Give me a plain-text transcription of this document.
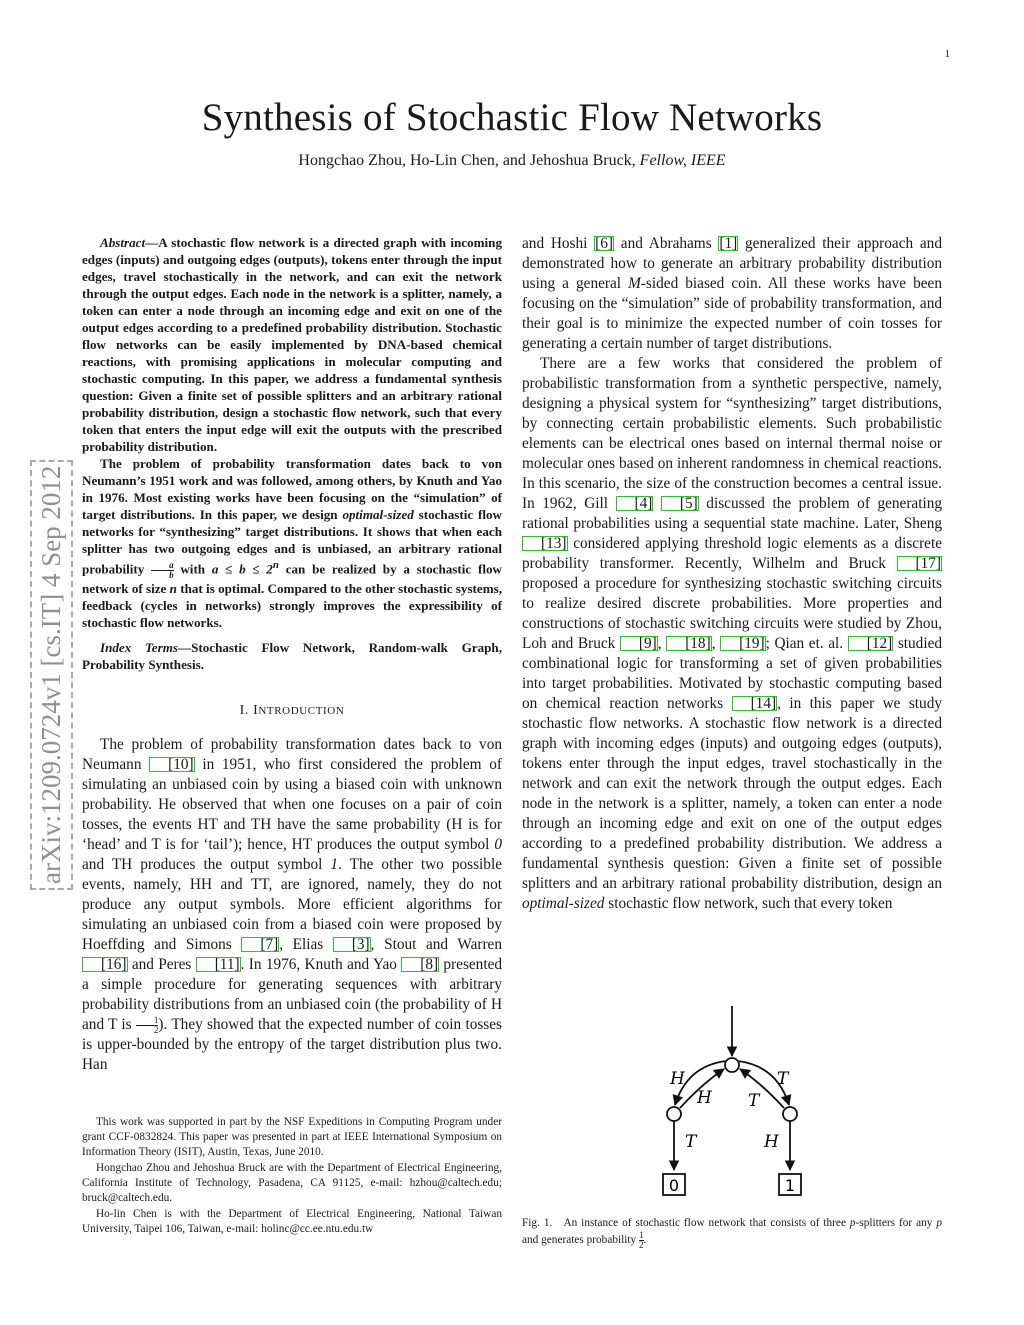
1
Synthesis of Stochastic Flow Networks
Hongchao Zhou, Ho-Lin Chen, and Jehoshua Bruck, Fellow, IEEE
arXiv:1209.0724v1 [cs.IT] 4 Sep 2012

Abstract—A stochastic flow network is a directed graph with incoming edges (inputs) and outgoing edges (outputs), tokens enter through the input edges, travel stochastically in the network, and can exit the network through the output edges. Each node in the network is a splitter, namely, a token can enter a node through an incoming edge and exit on one of the output edges according to a predefined probability distribution. Stochastic flow networks can be easily implemented by DNA-based chemical reactions, with promising applications in molecular computing and stochastic computing. In this paper, we address a fundamental synthesis question: Given a finite set of possible splitters and an arbitrary rational probability distribution, design a stochastic flow network, such that every token that enters the input edge will exit the outputs with the prescribed probability distribution.

The problem of probability transformation dates back to von Neumann’s 1951 work and was followed, among others, by Knuth and Yao in 1976. Most existing works have been focusing on the “simulation” of target distributions. In this paper, we design optimal-sized stochastic flow networks for “synthesizing” target distributions. It shows that when each splitter has two outgoing edges and is unbiased, an arbitrary rational probability $\frac{a}{b}$ with $a \le b \le 2^n$ can be realized by a stochastic flow network of size n that is optimal. Compared to the other stochastic systems, feedback (cycles in networks) strongly improves the expressibility of stochastic flow networks.

Index Terms—Stochastic Flow Network, Random-walk Graph, Probability Synthesis.

I. INTRODUCTION

The problem of probability transformation dates back to von Neumann [10] in 1951, who first considered the problem of simulating an unbiased coin by using a biased coin with unknown probability. He observed that when one focuses on a pair of coin tosses, the events HT and TH have the same probability (H is for ‘head’ and T is for ‘tail’); hence, HT produces the output symbol 0 and TH produces the output symbol 1. The other two possible events, namely, HH and TT, are ignored, namely, they do not produce any output symbols. More efficient algorithms for simulating an unbiased coin from a biased coin were proposed by Hoeffding and Simons [7], Elias [3], Stout and Warren [16] and Peres [11]. In 1976, Knuth and Yao [8] presented a simple procedure for generating sequences with arbitrary probability distributions from an unbiased coin (the probability of H and T is $\frac{1}{2}$ ). They showed that the expected number of coin tosses is upper-bounded by the entropy of the target distribution plus two. Han

This work was supported in part by the NSF Expeditions in Computing Program under grant CCF-0832824. This paper was presented in part at IEEE International Symposium on Information Theory (ISIT), Austin, Texas, June 2010.

Hongchao Zhou and Jehoshua Bruck are with the Department of Electrical Engineering, California Institute of Technology, Pasadena, CA 91125, e-mail: hzhou@caltech.edu; bruck@caltech.edu.

Ho-lin Chen is with the Department of Electrical Engineering, National Taiwan University, Taipei 106, Taiwan, e-mail: holinc@cc.ee.ntu.edu.tw

and Hoshi [6] and Abrahams [1] generalized their approach and demonstrated how to generate an arbitrary probability distribution using a general M-sided biased coin. All these works have been focusing on the “simulation” side of probability transformation, and their goal is to minimize the expected number of coin tosses for generating a certain number of target distributions.

There are a few works that considered the problem of probabilistic transformation from a synthetic perspective, namely, designing a physical system for “synthesizing” target distributions, by connecting certain probabilistic elements. Such probabilistic elements can be electrical ones based on internal thermal noise or molecular ones based on inherent randomness in chemical reactions. In this scenario, the size of the construction becomes a central issue. In 1962, Gill [4] [5] discussed the problem of generating rational probabilities using a sequential state machine. Later, Sheng [13] considered applying threshold logic elements as a discrete probability transformer. Recently, Wilhelm and Bruck [17] proposed a procedure for synthesizing stochastic switching circuits to realize desired discrete probabilities. More properties and constructions of stochastic switching circuits were studied by Zhou, Loh and Bruck [9], [18], [19]; Qian et. al. [12] studied combinational logic for transforming a set of given probabilities into target probabilities. Motivated by stochastic computing based on chemical reaction networks [14], in this paper we study stochastic flow networks. A stochastic flow network is a directed graph with incoming edges (inputs) and outgoing edges (outputs), tokens enter through the input edges, travel stochastically in the network and can exit the network through the output edges. Each node in the network is a splitter, namely, a token can enter a node through an incoming edge and exit on one of the output edges according to a predefined probability distribution. We address a fundamental synthesis question: Given a finite set of possible splitters and an arbitrary rational probability distribution, design an optimal-sized stochastic flow network, such that every token

0	1
H
H T
T
T	H
Fig. 1. An instance of stochastic flow network that consists of three p-splitters for any p and generates probability $\frac{1}{2}$ .
